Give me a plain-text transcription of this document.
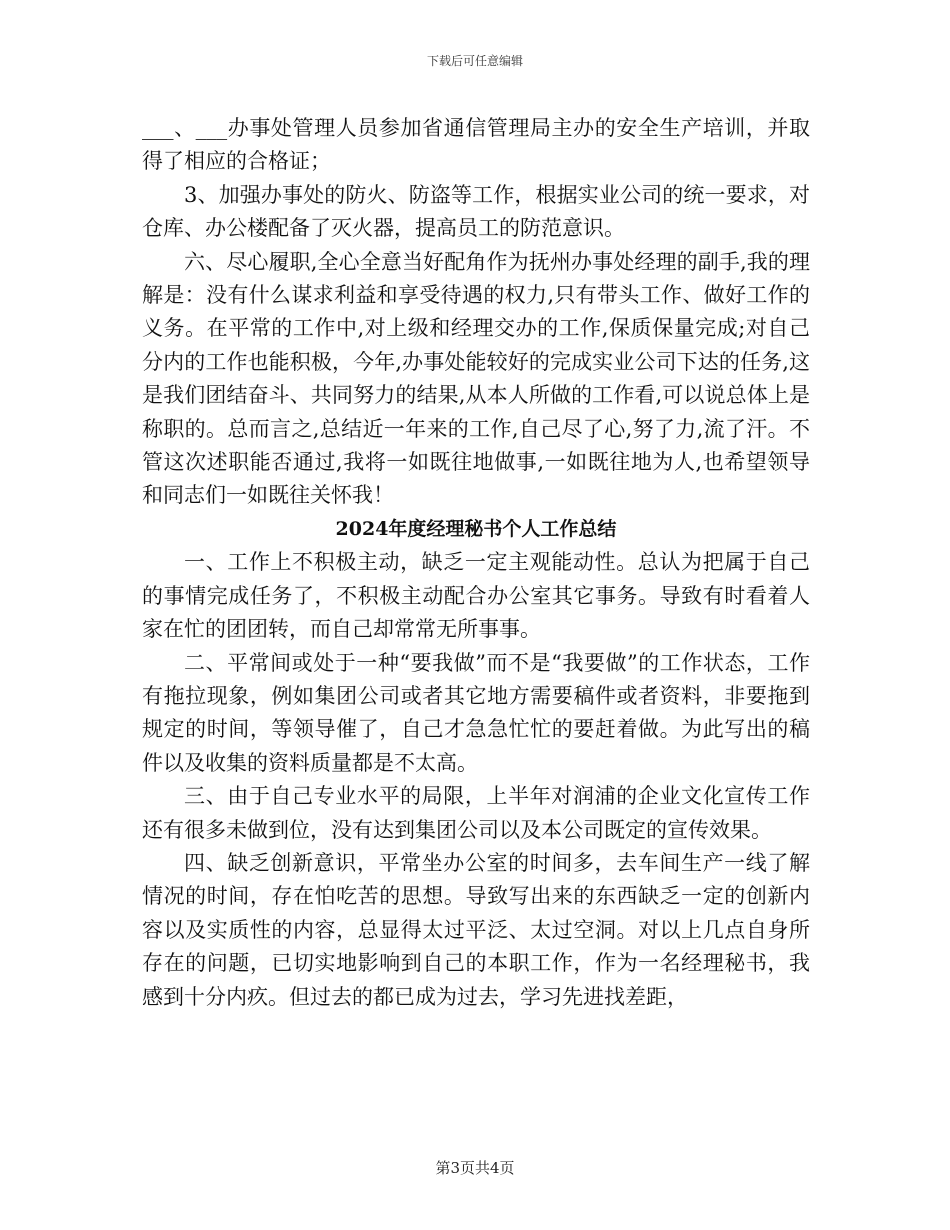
下载后可任意编辑

___、___办事处管理人员参加省通信管理局主办的安全生产培训，并取得了相应的合格证；

3、加强办事处的防火、防盗等工作，根据实业公司的统一要求，对仓库、办公楼配备了灭火器，提高员工的防范意识。

六、尽心履职,全心全意当好配角作为抚州办事处经理的副手,我的理解是：没有什么谋求利益和享受待遇的权力,只有带头工作、做好工作的义务。在平常的工作中,对上级和经理交办的工作,保质保量完成;对自己分内的工作也能积极，今年,办事处能较好的完成实业公司下达的任务,这是我们团结奋斗、共同努力的结果,从本人所做的工作看,可以说总体上是称职的。总而言之,总结近一年来的工作,自己尽了心,努了力,流了汗。不管这次述职能否通过,我将一如既往地做事,一如既往地为人,也希望领导和同志们一如既往关怀我！

2024年度经理秘书个人工作总结

一、工作上不积极主动，缺乏一定主观能动性。总认为把属于自己的事情完成任务了，不积极主动配合办公室其它事务。导致有时看着人家在忙的团团转，而自己却常常无所事事。

二、平常间或处于一种“要我做”而不是“我要做”的工作状态，工作有拖拉现象，例如集团公司或者其它地方需要稿件或者资料，非要拖到规定的时间，等领导催了，自己才急急忙忙的要赶着做。为此写出的稿件以及收集的资料质量都是不太高。

三、由于自己专业水平的局限，上半年对润浦的企业文化宣传工作还有很多未做到位，没有达到集团公司以及本公司既定的宣传效果。

四、缺乏创新意识，平常坐办公室的时间多，去车间生产一线了解情况的时间，存在怕吃苦的思想。导致写出来的东西缺乏一定的创新内容以及实质性的内容，总显得太过平泛、太过空洞。对以上几点自身所存在的问题，已切实地影响到自己的本职工作，作为一名经理秘书，我感到十分内疚。但过去的都已成为过去，学习先进找差距，

第3页共4页
